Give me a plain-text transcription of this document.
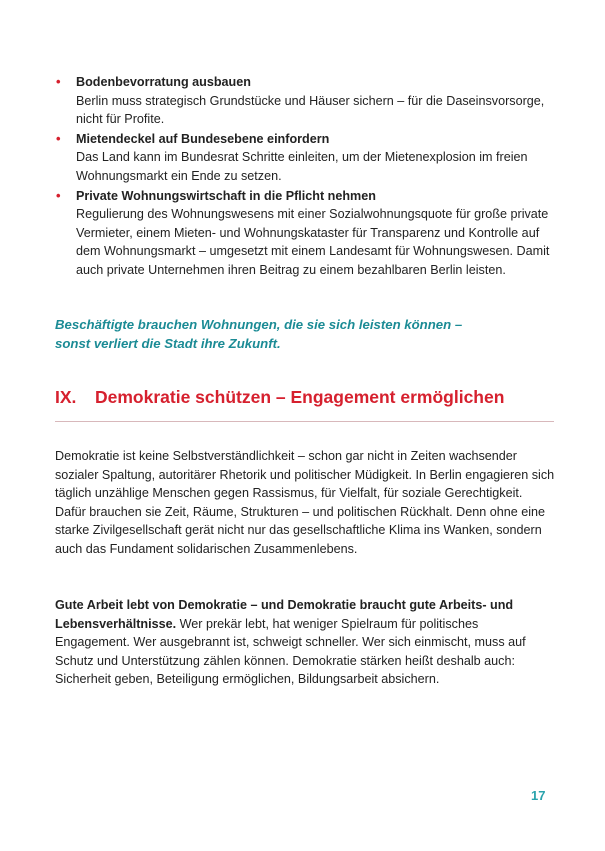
• Bodenbevorratung ausbauen
Berlin muss strategisch Grundstücke und Häuser sichern – für die Daseinsvorsorge, nicht für Profite.
• Mietendeckel auf Bundesebene einfordern
Das Land kann im Bundesrat Schritte einleiten, um der Mietenexplosion im freien Wohnungsmarkt ein Ende zu setzen.
• Private Wohnungswirtschaft in die Pflicht nehmen
Regulierung des Wohnungswesens mit einer Sozialwohnungsquote für große private Vermieter, einem Mieten- und Wohnungskataster für Transparenz und Kontrolle auf dem Wohnungsmarkt – umgesetzt mit einem Landesamt für Wohnungswesen. Damit auch private Unternehmen ihren Beitrag zu einem bezahlbaren Berlin leisten.
Beschäftigte brauchen Wohnungen, die sie sich leisten können –
sonst verliert die Stadt ihre Zukunft.
IX. Demokratie schützen – Engagement ermöglichen

Demokratie ist keine Selbstverständlichkeit – schon gar nicht in Zeiten wachsender sozialer Spaltung, autoritärer Rhetorik und politischer Müdigkeit. In Berlin engagieren sich täglich unzählige Menschen gegen Rassismus, für Vielfalt, für soziale Gerechtigkeit. Dafür brauchen sie Zeit, Räume, Strukturen – und politischen Rückhalt. Denn ohne eine starke Zivilgesellschaft gerät nicht nur das gesellschaftliche Klima ins Wanken, sondern auch das Fundament solidarischen Zusammenlebens.

Gute Arbeit lebt von Demokratie – und Demokratie braucht gute Arbeits- und Lebensverhältnisse. Wer prekär lebt, hat weniger Spielraum für politisches Engagement. Wer ausgebrannt ist, schweigt schneller. Wer sich einmischt, muss auf Schutz und Unterstützung zählen können. Demokratie stärken heißt deshalb auch: Sicherheit geben, Beteiligung ermöglichen, Bildungsarbeit absichern.

17
